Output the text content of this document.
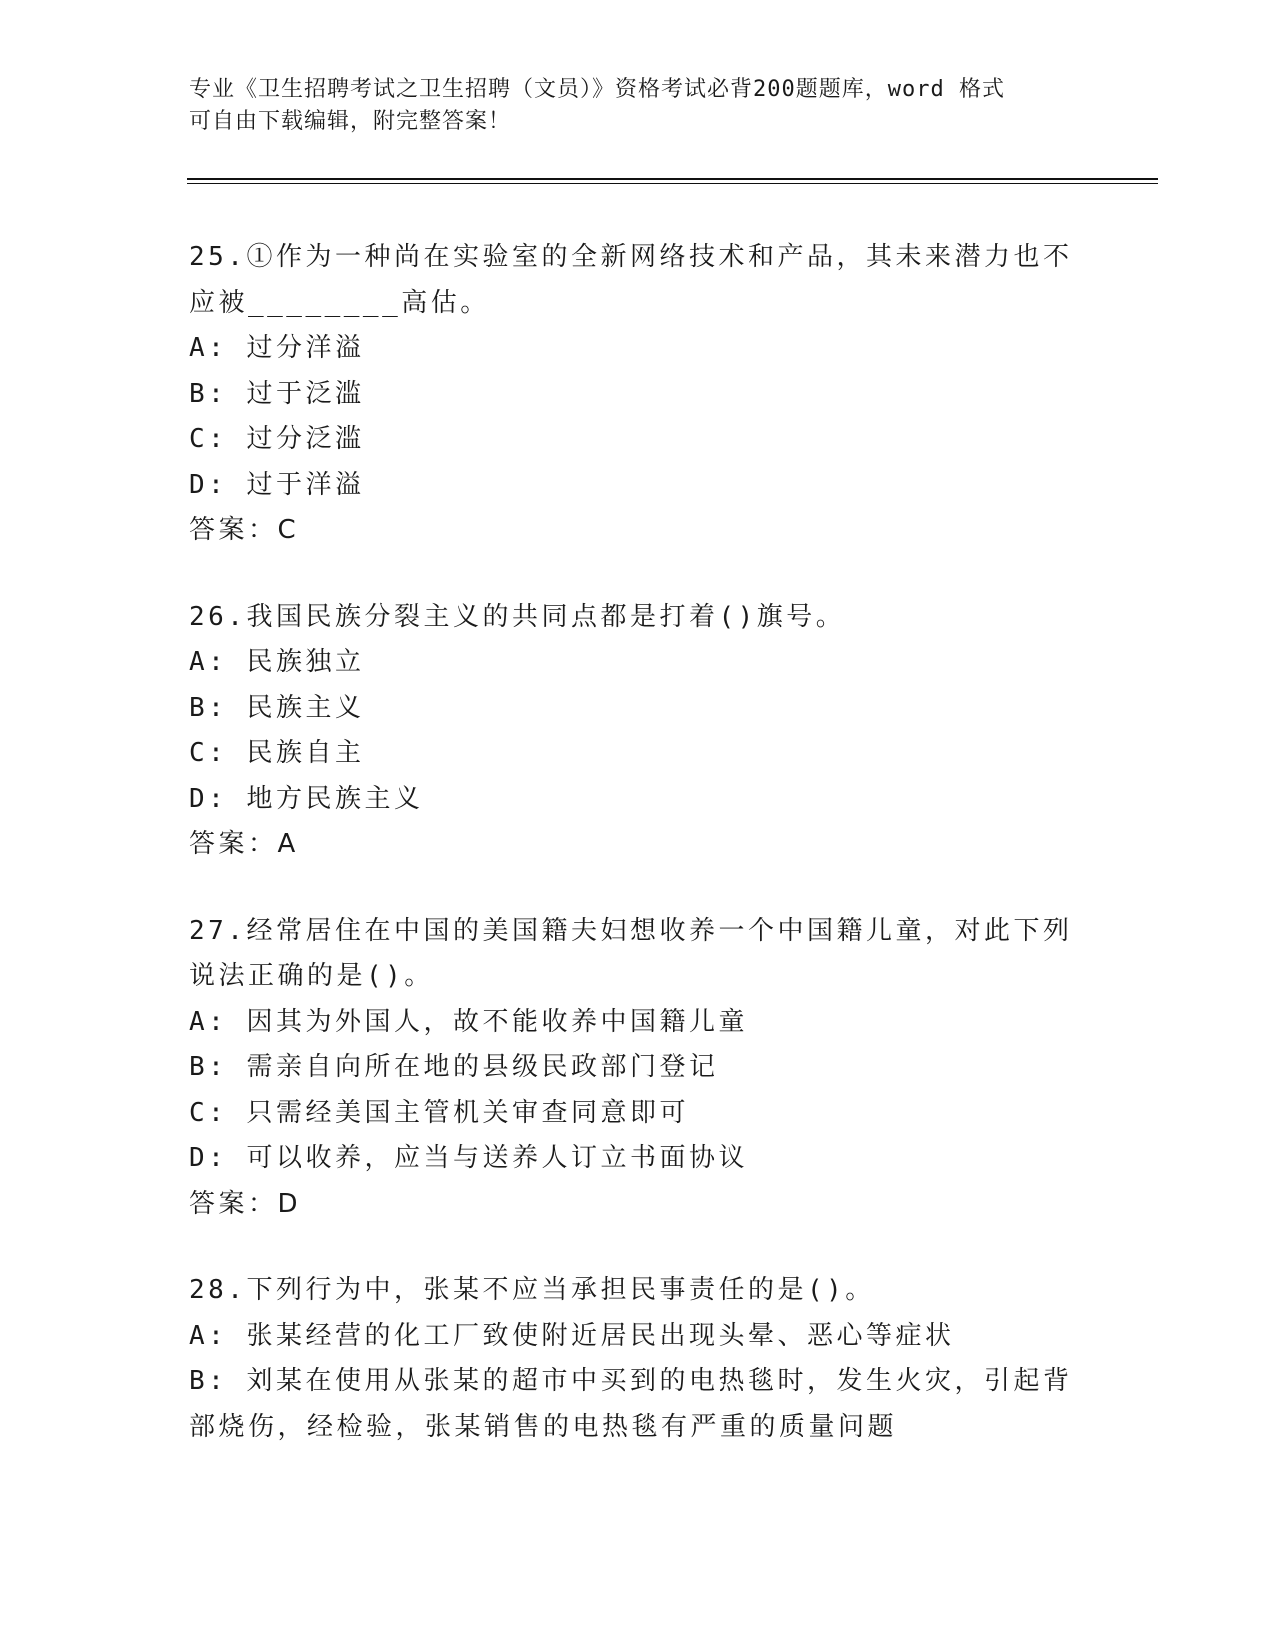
专业《卫生招聘考试之卫生招聘（文员）》资格考试必背200题题库，word 格式
可自由下载编辑，附完整答案！

25.①作为一种尚在实验室的全新网络技术和产品，其未来潜力也不应被________高估。

A: 过分洋溢
B: 过于泛滥
C: 过分泛滥
D: 过于洋溢

答案：C

26.我国民族分裂主义的共同点都是打着()旗号。

A: 民族独立
B: 民族主义
C: 民族自主
D: 地方民族主义

答案：A

27.经常居住在中国的美国籍夫妇想收养一个中国籍儿童，对此下列说法正确的是()。

A: 因其为外国人，故不能收养中国籍儿童
B: 需亲自向所在地的县级民政部门登记
C: 只需经美国主管机关审查同意即可
D: 可以收养，应当与送养人订立书面协议

答案：D

28.下列行为中，张某不应当承担民事责任的是()。

A: 张某经营的化工厂致使附近居民出现头晕、恶心等症状
B: 刘某在使用从张某的超市中买到的电热毯时，发生火灾，引起背部烧伤，经检验，张某销售的电热毯有严重的质量问题
